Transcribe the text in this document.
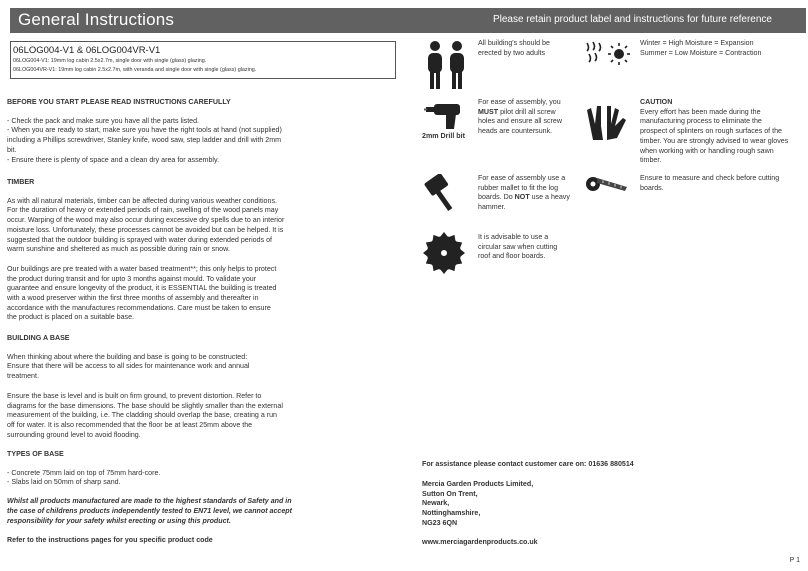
General Instructions	Please retain product label and instructions for future reference
06LOG004-V1 & 06LOG004VR-V1
06LOG004-V1: 19mm log cabin 2.5x2.7m, single door with single (glass) glazing.
06LOG004VR-V1: 19mm log cabin 2.5x2.7m, with veranda and single door with single (glass) glazing.

BEFORE YOU START PLEASE READ INSTRUCTIONS CAREFULLY

- Check the pack and make sure you have all the parts listed.

- When you are ready to start, make sure you have the right tools at hand (not supplied)

including a Phillips screwdriver, Stanley knife, wood saw, step ladder and drill with 2mm

bit.

- Ensure there is plenty of space and a clean dry area for assembly.

TIMBER

As with all natural materials, timber can be affected during various weather conditions.

For the duration of heavy or extended periods of rain, swelling of the wood panels may

occur. Warping of the wood may also occur during excessive dry spells due to an interior

moisture loss. Unfortunately, these processes cannot be avoided but can be helped. It is

suggested that the outdoor building is sprayed with water during extended periods of

warm sunshine and sheltered as much as possible during rain or snow.

Our buildings are pre treated with a water based treatment**; this only helps to protect

the product during transit and for upto 3 months against mould. To validate your

guarantee and ensure longevity of the product, it is ESSENTIAL the building is treated

with a wood preserver within the first three months of assembly and thereafter in

accordance with the manufactures recommendations. Care must be taken to ensure

the product is placed on a suitable base.

BUILDING A BASE

When thinking about where the building and base is going to be constructed:

Ensure that there will be access to all sides for maintenance work and annual

treatment.

Ensure the base is level and is built on firm ground, to prevent distortion. Refer to

diagrams for the base dimensions. The base should be slightly smaller than the external

measurement of the building, i.e. The cladding should overlap the base, creating a run

off for water. It is also recommended that the floor be at least 25mm above the

surrounding ground level to avoid flooding.

TYPES OF BASE

- Concrete 75mm laid on top of 75mm hard-core.

- Slabs laid on 50mm of sharp sand.

Whilst all products manufactured are made to the highest standards of Safety and in

the case of childrens products independently tested to EN71 level, we cannot accept

responsibility for your safety whilst erecting or using this product.

Refer to the instructions pages for you specific product code

All building's should be

erected by two adults

2mm Drill bit

For ease of assembly, you

MUST pilot drill all screw

holes and ensure all screw

heads are countersunk.

For ease of assembly use a

rubber mallet to fit the log

boards. Do NOT use a heavy

hammer.

It is advisable to use a

circular saw when cutting

roof and floor boards.

Winter = High Moisture = Expansion

Summer = Low Moisture = Contraction

CAUTION

Every effort has been made during the

manufacturing process to eliminate the

prospect of splinters on rough surfaces of the

timber. You are strongly advised to wear gloves

when working with or handling rough sawn

timber.

Ensure to measure and check before cutting

boards.

For assistance please contact customer care on: 01636 880514

Mercia Garden Products Limited,

Sutton On Trent,

Newark,

Nottinghamshire,

NG23 6QN

www.merciagardenproducts.co.uk
P 1
